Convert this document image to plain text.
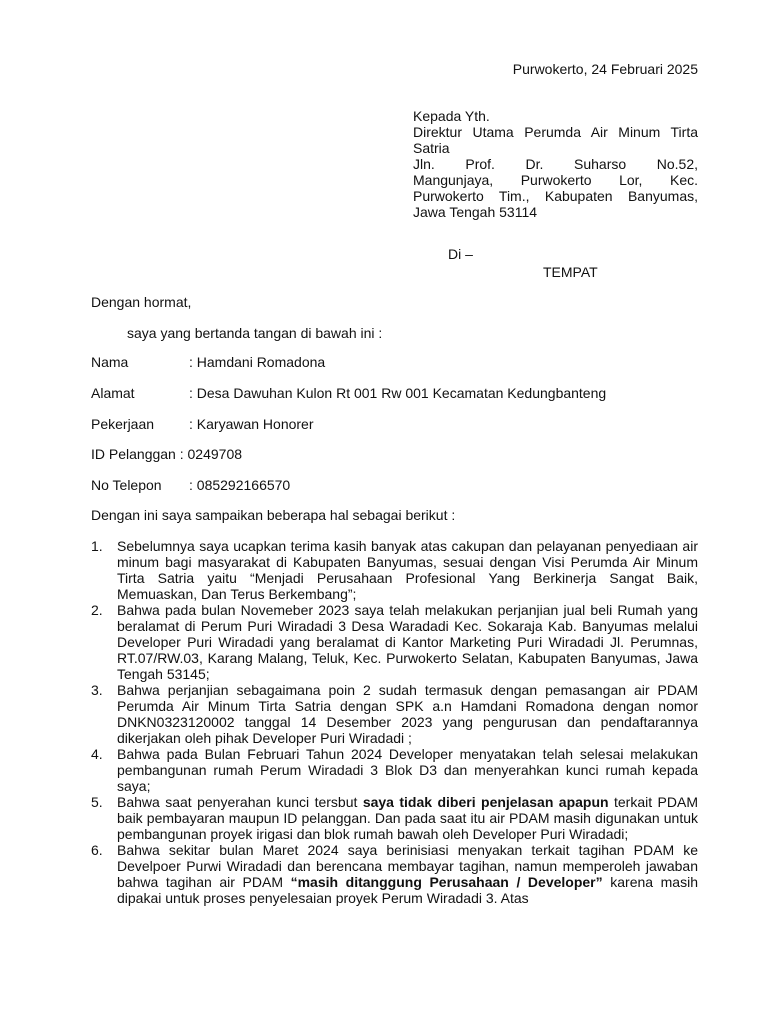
Purwokerto, 24 Februari 2025
Kepada Yth.
Direktur Utama Perumda Air Minum Tirta
Satria
Jln. Prof. Dr. Suharso No.52,
Mangunjaya, Purwokerto Lor, Kec.
Purwokerto Tim., Kabupaten Banyumas,
Jawa Tengah 53114
Di –
TEMPAT
Dengan hormat,
saya yang bertanda tangan di bawah ini :
Nama	: Hamdani Romadona
Alamat	: Desa Dawuhan Kulon Rt 001 Rw 001 Kecamatan Kedungbanteng
Pekerjaan : Karyawan Honorer
ID Pelanggan : 0249708
No Telepon : 085292166570
Dengan ini saya sampaikan beberapa hal sebagai berikut :
1. Sebelumnya saya ucapkan terima kasih banyak atas cakupan dan pelayanan penyediaan air minum bagi masyarakat di Kabupaten Banyumas, sesuai dengan Visi Perumda Air Minum Tirta Satria yaitu “Menjadi Perusahaan Profesional Yang Berkinerja Sangat Baik, Memuaskan, Dan Terus Berkembang”;
2. Bahwa pada bulan Novemeber 2023 saya telah melakukan perjanjian jual beli Rumah yang beralamat di Perum Puri Wiradadi 3 Desa Waradadi Kec. Sokaraja Kab. Banyumas melalui Developer Puri Wiradadi yang beralamat di Kantor Marketing Puri Wiradadi Jl. Perumnas, RT.07/RW.03, Karang Malang, Teluk, Kec. Purwokerto Selatan, Kabupaten Banyumas, Jawa Tengah 53145;
3. Bahwa perjanjian sebagaimana poin 2 sudah termasuk dengan pemasangan air PDAM Perumda Air Minum Tirta Satria dengan SPK a.n Hamdani Romadona dengan nomor DNKN0323120002 tanggal 14 Desember 2023 yang pengurusan dan pendaftarannya dikerjakan oleh pihak Developer Puri Wiradadi ;
4. Bahwa pada Bulan Februari Tahun 2024 Developer menyatakan telah selesai melakukan pembangunan rumah Perum Wiradadi 3 Blok D3 dan menyerahkan kunci rumah kepada saya;
5. Bahwa saat penyerahan kunci tersbut saya tidak diberi penjelasan apapun terkait PDAM baik pembayaran maupun ID pelanggan. Dan pada saat itu air PDAM masih digunakan untuk pembangunan proyek irigasi dan blok rumah bawah oleh Developer Puri Wiradadi;
6. Bahwa sekitar bulan Maret 2024 saya berinisiasi menyakan terkait tagihan PDAM ke Develpoer Purwi Wiradadi dan berencana membayar tagihan, namun memperoleh jawaban bahwa tagihan air PDAM “masih ditanggung Perusahaan / Developer” karena masih dipakai untuk proses penyelesaian proyek Perum Wiradadi 3. Atas
